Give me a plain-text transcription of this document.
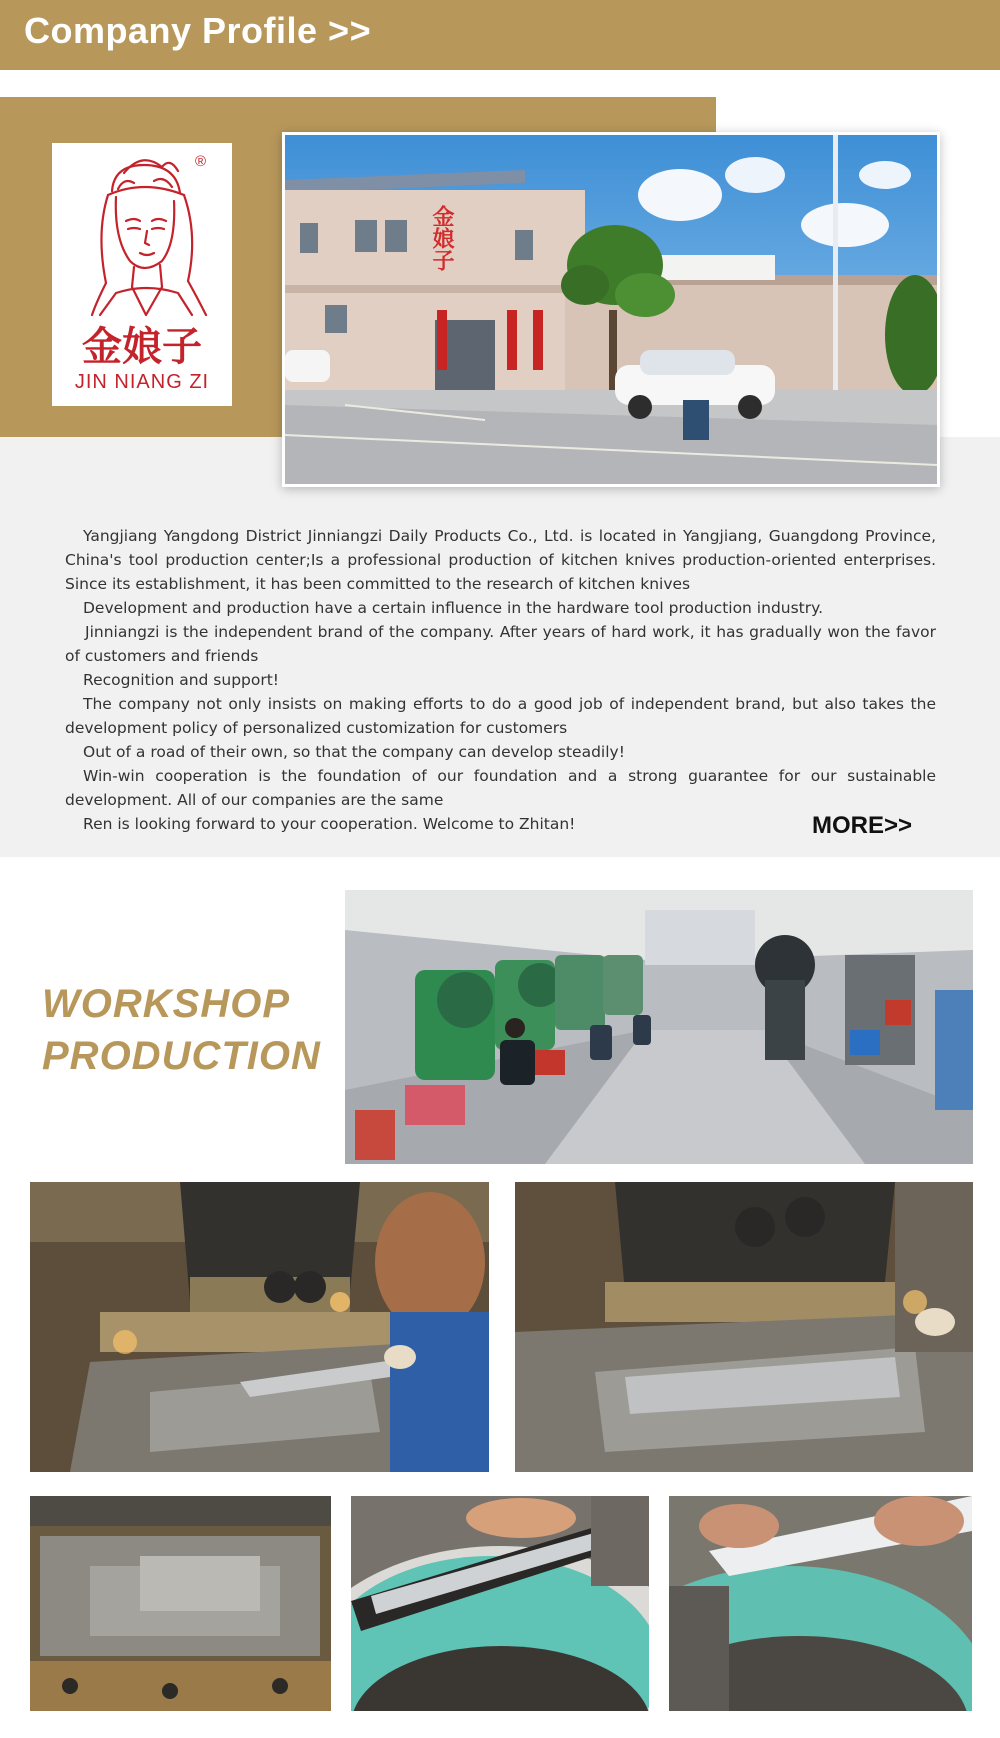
Company Profile >>
®
金娘子
JIN NIANG ZI
金娘子

Yangjiang Yangdong District Jinniangzi Daily Products Co., Ltd. is located in Yangjiang, Guangdong Province, China's tool production center;Is a professional production of kitchen knives production-oriented enterprises. Since its establishment, it has been committed to the research of kitchen knives

Development and production have a certain influence in the hardware tool production industry.

Jinniangzi is the independent brand of the company. After years of hard work, it has gradually won the favor of customers and friends

Recognition and support!

The company not only insists on making efforts to do a good job of independent brand, but also takes the development policy of personalized customization for customers

Out of a road of their own, so that the company can develop steadily!

Win-win cooperation is the foundation of our foundation and a strong guarantee for our sustainable development. All of our companies are the same

Ren is looking forward to your cooperation. Welcome to Zhitan!	MORE>>
WORKSHOP
PRODUCTION
